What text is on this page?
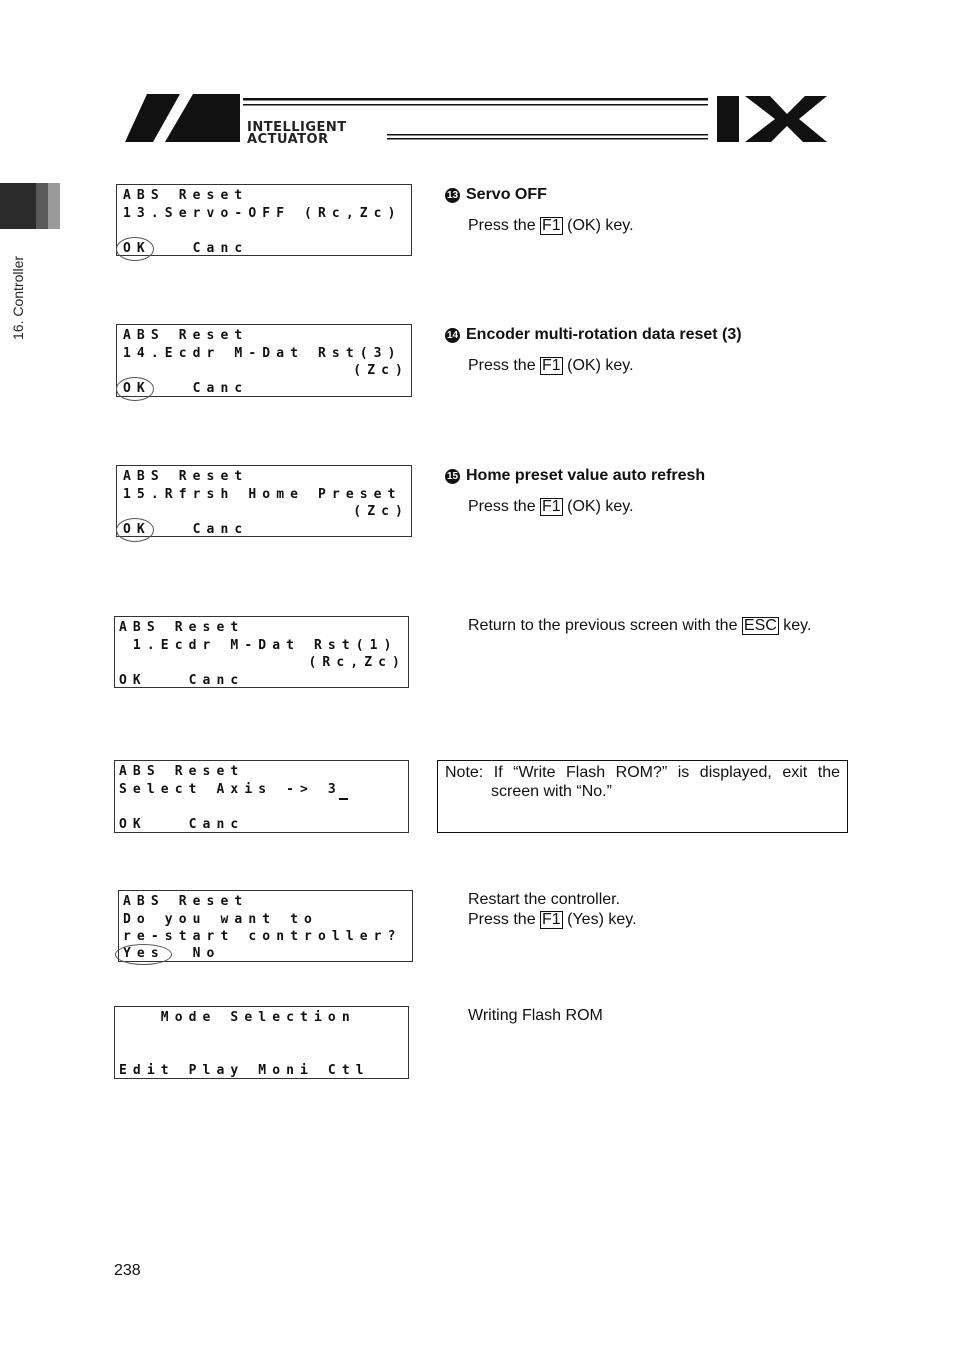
INTELLIGENT
ACTUATOR
16. Controller
ABS Reset
13.Servo-OFF (Rc,Zc)
OK   Canc
13 Servo OFF
Press the F1 (OK) key.
ABS Reset
14.Ecdr M-Dat Rst(3)
(Zc)
OK   Canc
14 Encoder multi-rotation data reset (3)
Press the F1 (OK) key.
ABS Reset
15.Rfrsh Home Preset
(Zc)
OK   Canc
15 Home preset value auto refresh
Press the F1 (OK) key.
ABS Reset
1.Ecdr M-Dat Rst(1)
(Rc,Zc)
OK   Canc
Return to the previous screen with the ESC key.
ABS Reset
Select Axis -> 3
OK   Canc
Note: If “Write Flash ROM?” is displayed, exit the
screen with “No.”
ABS Reset
Do you want to
re-start controller?
Yes  No
Restart the controller.
Press the F1 (Yes) key.
Mode Selection
Edit Play Moni Ctl
Writing Flash ROM
238
